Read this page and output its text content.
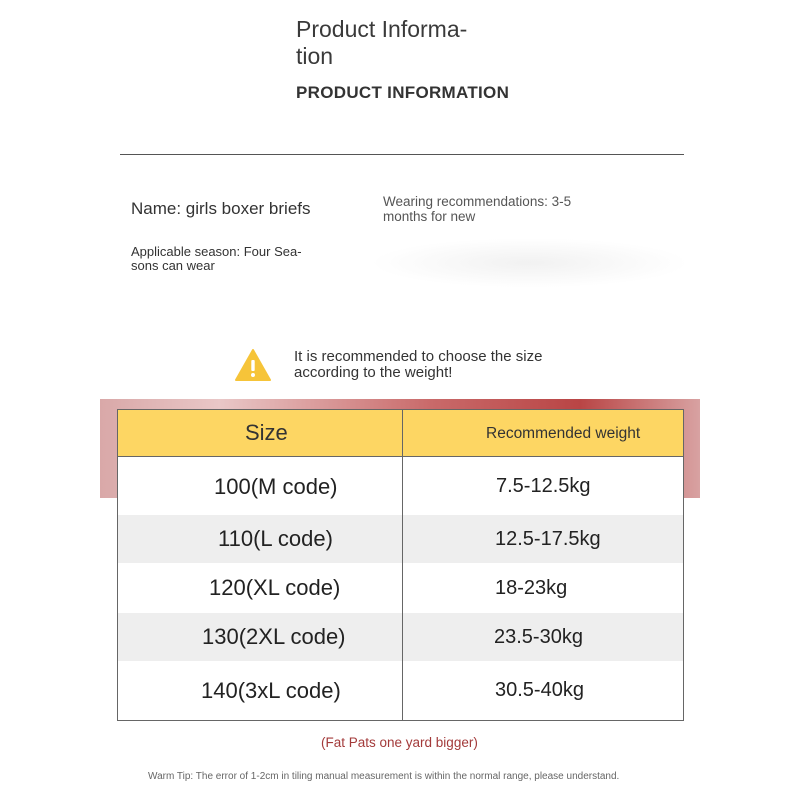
Product Informa- tion
PRODUCT INFORMATION
Name: girls boxer briefs	Wearing recommendations: 3-5 months for new
Applicable season: Four Sea- sons can wear
It is recommended to choose the size according to the weight!
Size	Recommended weight
100(M code)	7.5-12.5kg
110(L code)	12.5-17.5kg
120(XL code)	18-23kg
130(2XL code)	23.5-30kg
140(3xL code)	30.5-40kg
(Fat Pats one yard bigger)
Warm Tip: The error of 1-2cm in tiling manual measurement is within the normal range, please understand.
